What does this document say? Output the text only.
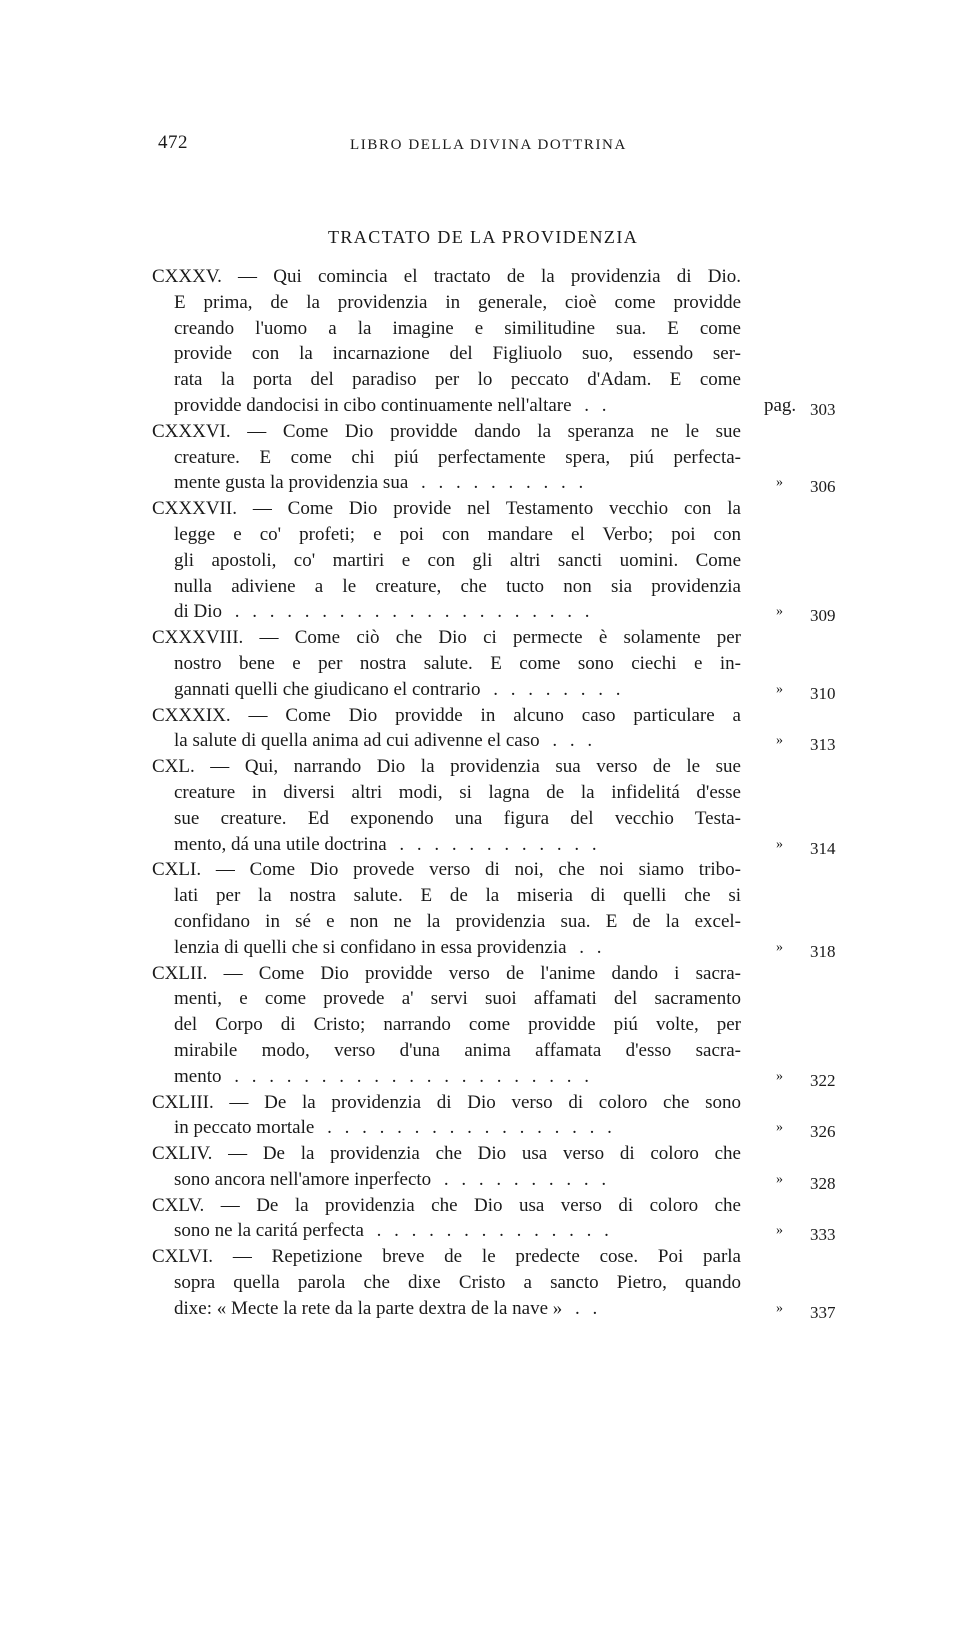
472	LIBRO DELLA DIVINA DOTTRINA
TRACTATO DE LA PROVIDENZIA
CXXXV. — Qui comincia el tractato de la providenzia di Dio.
E prima, de la providenzia in generale, cioè come providde
creando l'uomo a la imagine e similitudine sua. E come
provide con la incarnazione del Figliuolo suo, essendo ser-
rata la porta del paradiso per lo peccato d'Adam. E come
pag. 303
providde dandocisi in cibo continuamente nell'altare . .
CXXXVI. — Come Dio providde dando la speranza ne le sue
creature. E come chi piú perfectamente spera, piú perfecta-
» 306
mente gusta la providenzia sua . . . . . . . . . .
CXXXVII. — Come Dio provide nel Testamento vecchio con la
legge e co' profeti; e poi con mandare el Verbo; poi con
gli apostoli, co' martiri e con gli altri sancti uomini. Come
nulla adiviene a le creature, che tucto non sia providenzia
» 309
di Dio . . . . . . . . . . . . . . . . . . . . .
CXXXVIII. — Come ciò che Dio ci permecte è solamente per
nostro bene e per nostra salute. E come sono ciechi e in-
» 310
gannati quelli che giudicano el contrario . . . . . . . .
CXXXIX. — Come Dio providde in alcuno caso particulare a
» 313
la salute di quella anima ad cui adivenne el caso . . .
CXL. — Qui, narrando Dio la providenzia sua verso de le sue
creature in diversi altri modi, si lagna de la infidelitá d'esse
sue creature. Ed exponendo una figura del vecchio Testa-
» 314
mento, dá una utile doctrina . . . . . . . . . . . .
CXLI. — Come Dio provede verso di noi, che noi siamo tribo-
lati per la nostra salute. E de la miseria di quelli che si
confidano in sé e non ne la providenzia sua. E de la excel-
» 318
lenzia di quelli che si confidano in essa providenzia . .
CXLII. — Come Dio providde verso de l'anime dando i sacra-
menti, e come provede a' servi suoi affamati del sacramento
del Corpo di Cristo; narrando come providde piú volte, per
mirabile modo, verso d'una anima affamata d'esso sacra-
» 322
mento . . . . . . . . . . . . . . . . . . . . .
CXLIII. — De la providenzia di Dio verso di coloro che sono
» 326
in peccato mortale . . . . . . . . . . . . . . . . .
CXLIV. — De la providenzia che Dio usa verso di coloro che
» 328
sono ancora nell'amore inperfecto . . . . . . . . . .
CXLV. — De la providenzia che Dio usa verso di coloro che
» 333
sono ne la caritá perfecta . . . . . . . . . . . . . .
CXLVI. — Repetizione breve de le predecte cose. Poi parla
sopra quella parola che dixe Cristo a sancto Pietro, quando
» 337
dixe: « Mecte la rete da la parte dextra de la nave » . .
